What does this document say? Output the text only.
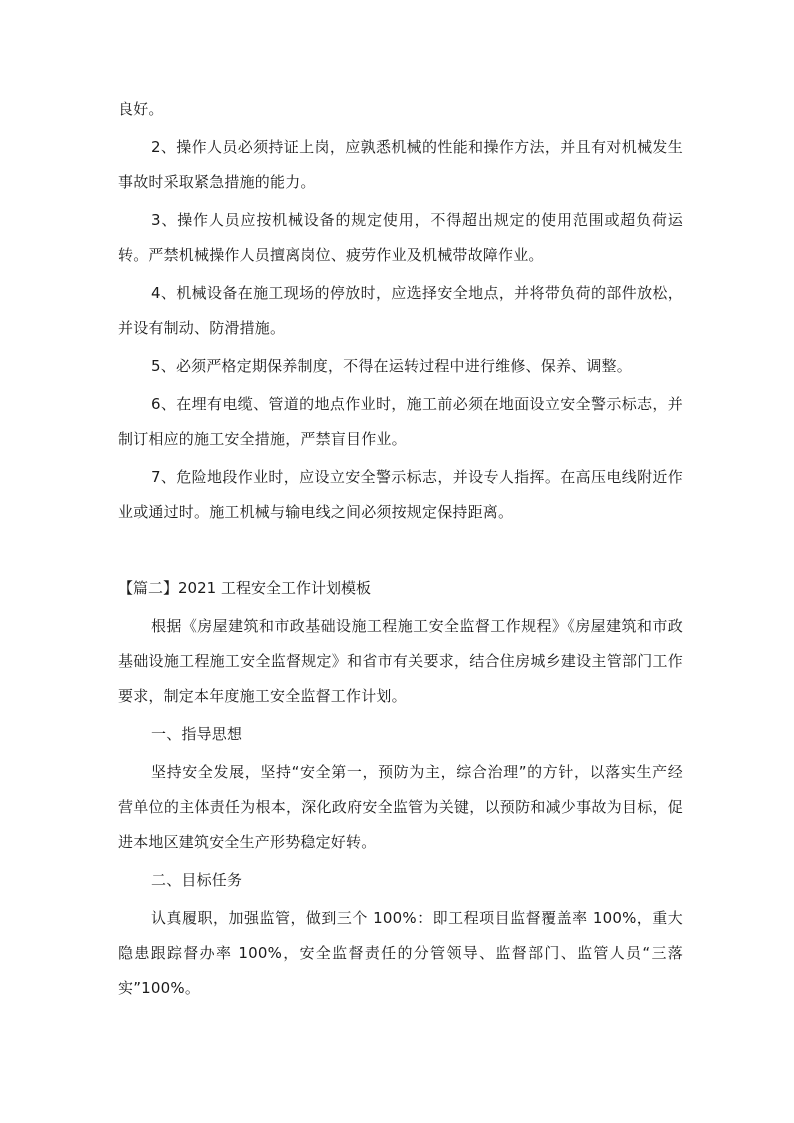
良好。

2、操作人员必须持证上岗，应孰悉机械的性能和操作方法，并且有对机械发生事故时采取紧急措施的能力。

3、操作人员应按机械设备的规定使用，不得超出规定的使用范围或超负荷运转。严禁机械操作人员擅离岗位、疲劳作业及机械带故障作业。

4、机械设备在施工现场的停放时，应选择安全地点，并将带负荷的部件放松，并设有制动、防滑措施。

5、必须严格定期保养制度，不得在运转过程中进行维修、保养、调整。

6、在埋有电缆、管道的地点作业时，施工前必须在地面设立安全警示标志，并制订相应的施工安全措施，严禁盲目作业。

7、危险地段作业时，应设立安全警示标志，并设专人指挥。在高压电线附近作业或通过时。施工机械与输电线之间必须按规定保持距离。

【篇二】2021 工程安全工作计划模板

根据《房屋建筑和市政基础设施工程施工安全监督工作规程》《房屋建筑和市政基础设施工程施工安全监督规定》和省市有关要求，结合住房城乡建设主管部门工作要求，制定本年度施工安全监督工作计划。

一、指导思想

坚持安全发展，坚持“安全第一，预防为主，综合治理”的方针，以落实生产经营单位的主体责任为根本，深化政府安全监管为关键，以预防和减少事故为目标，促进本地区建筑安全生产形势稳定好转。

二、目标任务

认真履职，加强监管，做到三个 100%：即工程项目监督覆盖率 100%，重大隐患跟踪督办率 100%，安全监督责任的分管领导、监督部门、监管人员“三落实”100%。
